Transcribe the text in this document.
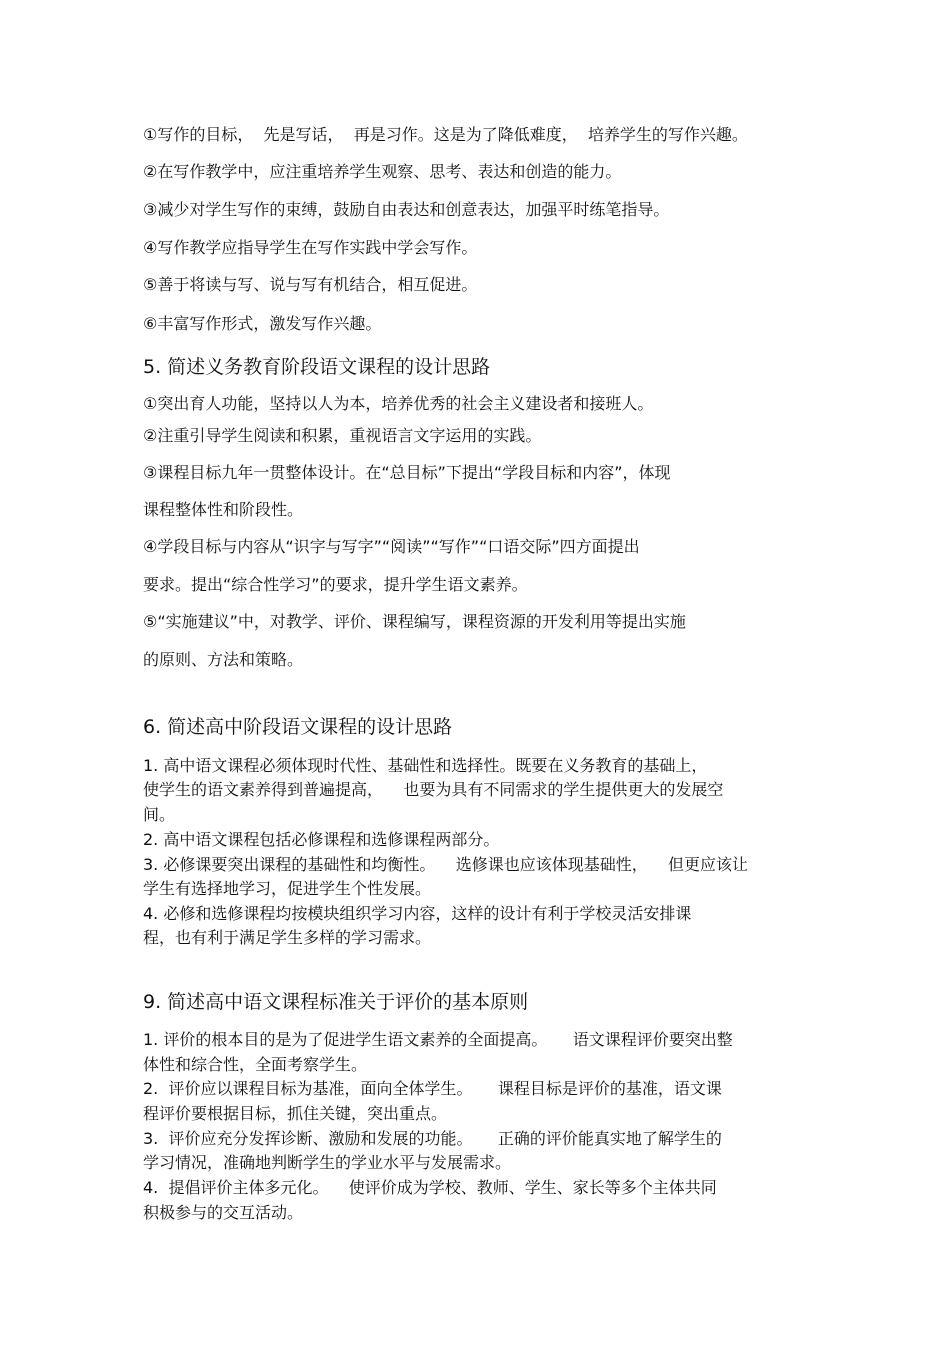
①写作的目标，  先是写话，  再是习作。这是为了降低难度，  培养学生的写作兴趣。
②在写作教学中，应注重培养学生观察、思考、表达和创造的能力。
③减少对学生写作的束缚，鼓励自由表达和创意表达，加强平时练笔指导。
④写作教学应指导学生在写作实践中学会写作。
⑤善于将读与写、说与写有机结合，相互促进。
⑥丰富写作形式，激发写作兴趣。
5. 简述义务教育阶段语文课程的设计思路
①突出育人功能，坚持以人为本，培养优秀的社会主义建设者和接班人。
②注重引导学生阅读和积累，重视语言文字运用的实践。
③课程目标九年一贯整体设计。在“总目标”下提出“学段目标和内容”，体现
课程整体性和阶段性。
④学段目标与内容从“识字与写字”“阅读”“写作”“口语交际”四方面提出
要求。提出“综合性学习”的要求，提升学生语文素养。
⑤“实施建议”中，对教学、评价、课程编写，课程资源的开发利用等提出实施
的原则、方法和策略。
6. 简述高中阶段语文课程的设计思路
1. 高中语文课程必须体现时代性、基础性和选择性。既要在义务教育的基础上，
使学生的语文素养得到普遍提高，    也要为具有不同需求的学生提供更大的发展空
间。
2. 高中语文课程包括必修课程和选修课程两部分。
3. 必修课要突出课程的基础性和均衡性。    选修课也应该体现基础性，    但更应该让
学生有选择地学习，促进学生个性发展。
4. 必修和选修课程均按模块组织学习内容，这样的设计有利于学校灵活安排课
程，也有利于满足学生多样的学习需求。
9. 简述高中语文课程标准关于评价的基本原则
1. 评价的根本目的是为了促进学生语文素养的全面提高。     语文课程评价要突出整
体性和综合性，全面考察学生。
2.  评价应以课程目标为基准，面向全体学生。     课程目标是评价的基准，语文课
程评价要根据目标，抓住关键，突出重点。
3.  评价应充分发挥诊断、激励和发展的功能。     正确的评价能真实地了解学生的
学习情况，准确地判断学生的学业水平与发展需求。
4.  提倡评价主体多元化。    使评价成为学校、教师、学生、家长等多个主体共同
积极参与的交互活动。
